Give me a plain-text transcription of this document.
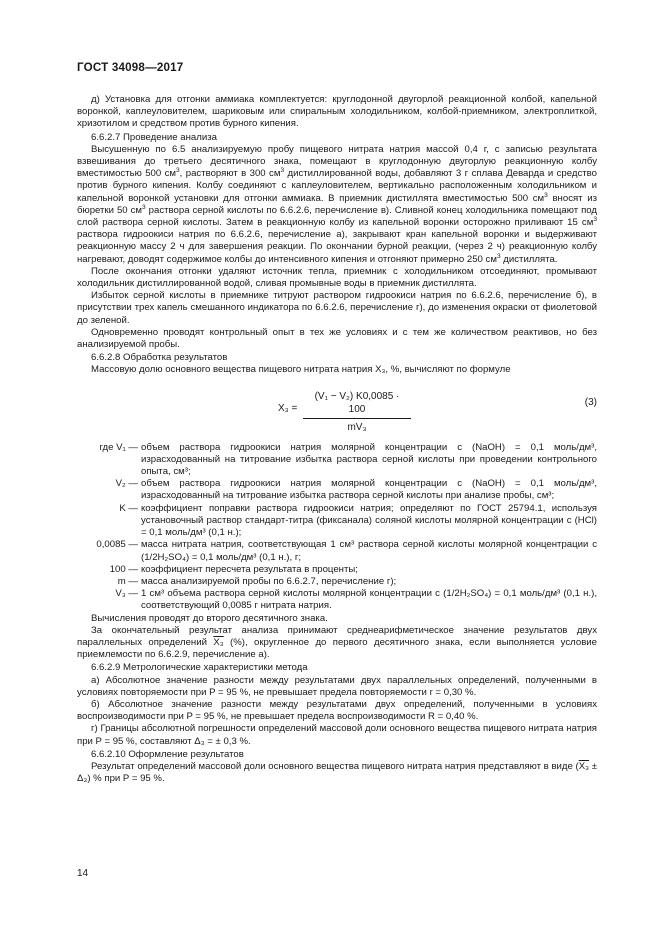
ГОСТ 34098—2017

д) Установка для отгонки аммиака комплектуется: круглодонной двугорлой реакционной колбой, капельной воронкой, каплеуловителем, шариковым или спиральным холодильником, колбой-приемником, электроплиткой, хризотилом и средством против бурного кипения.

6.6.2.7 Проведение анализа

Высушенную по 6.5 анализируемую пробу пищевого нитрата натрия массой 0,4 г, с записью результата взвешивания до третьего десятичного знака, помещают в круглодонную двугорлую реакционную колбу вместимостью 500 $см^3$, растворяют в 300 $см^3$ дистиллированной воды, добавляют 3 г сплава Деварда и средство против бурного кипения. Колбу соединяют с каплеуловителем, вертикально расположенным холодильником и капельной воронкой установки для отгонки аммиака. В приемник дистиллята вместимостью 500 $см^3$ вносят из бюретки 50 $см^3$ раствора серной кислоты по 6.6.2.6, перечисление в). Сливной конец холодильника помещают под слой раствора серной кислоты. Затем в реакционную колбу из капельной воронки осторожно приливают 15 $см^3$ раствора гидроокиси натрия по 6.6.2.6, перечисление а), закрывают кран капельной воронки и выдерживают реакционную массу 2 ч для завершения реакции. По окончании бурной реакции, (через 2 ч) реакционную колбу нагревают, доводят содержимое колбы до интенсивного кипения и отгоняют примерно 250 $см^3$ дистиллята.

После окончания отгонки удаляют источник тепла, приемник с холодильником отсоединяют, промывают холодильник дистиллированной водой, сливая промывные воды в приемник дистиллята.

Избыток серной кислоты в приемнике титруют раствором гидроокиси натрия по 6.6.2.6, перечисление б), в присутствии трех капель смешанного индикатора по 6.6.2.6, перечисление г), до изменения окраски от фиолетовой до зеленой.

Одновременно проводят контрольный опыт в тех же условиях и с тем же количеством реактивов, но без анализируемой пробы.

6.6.2.8 Обработка результатов

Массовую долю основного вещества пищевого нитрата натрия X₃, %, вычисляют по формуле

$X_3 = \frac{\text{(V₁ − V₂) K0,0085 · 100}}{\text{mV₃}}$	(3)
где V₁ — объем раствора гидроокиси натрия молярной концентрации c (NaOH) = 0,1 моль/дм³, израсходованный на титрование избытка раствора серной кислоты при проведении контрольного опыта, см³;
V₂ — объем раствора гидроокиси натрия молярной концентрации c (NaOH) = 0,1 моль/дм³, израсходованный на титрование избытка раствора серной кислоты при анализе пробы, см³;
K — коэффициент поправки раствора гидроокиси натрия; определяют по ГОСТ 25794.1, используя установочный раствор стандарт-титра (фиксанала) соляной кислоты молярной концентрации c (HCl) = 0,1 моль/дм³ (0,1 н.);
0,0085 — масса нитрата натрия, соответствующая 1 см³ раствора серной кислоты молярной концентрации c (1/2H₂SO₄) = 0,1 моль/дм³ (0,1 н.), г;
100 — коэффициент пересчета результата в проценты;
m — масса анализируемой пробы по 6.6.2.7, перечисление г);
V₃ — 1 см³ объема раствора серной кислоты молярной концентрации c (1/2H₂SO₄) = 0,1 моль/дм³ (0,1 н.), соответствующий 0,0085 г нитрата натрия.

Вычисления проводят до второго десятичного знака.

За окончательный результат анализа принимают среднеарифметическое значение результатов двух параллельных определений X₃ (%), округленное до первого десятичного знака, если выполняется условие приемлемости по 6.6.2.9, перечисление а).

6.6.2.9 Метрологические характеристики метода

а) Абсолютное значение разности между результатами двух параллельных определений, полученными в условиях повторяемости при P = 95 %, не превышает предела повторяемости r = 0,30 %.

б) Абсолютное значение разности между результатами двух определений, полученными в условиях воспроизводимости при P = 95 %, не превышает предела воспроизводимости R = 0,40 %.

г) Границы абсолютной погрешности определений массовой доли основного вещества пищевого нитрата натрия при P = 95 %, составляют Δ₃ = ± 0,3 %.

6.6.2.10 Оформление результатов

Результат определений массовой доли основного вещества пищевого нитрата натрия представляют в виде (X₃ ± Δ₃) % при P = 95 %.

14
